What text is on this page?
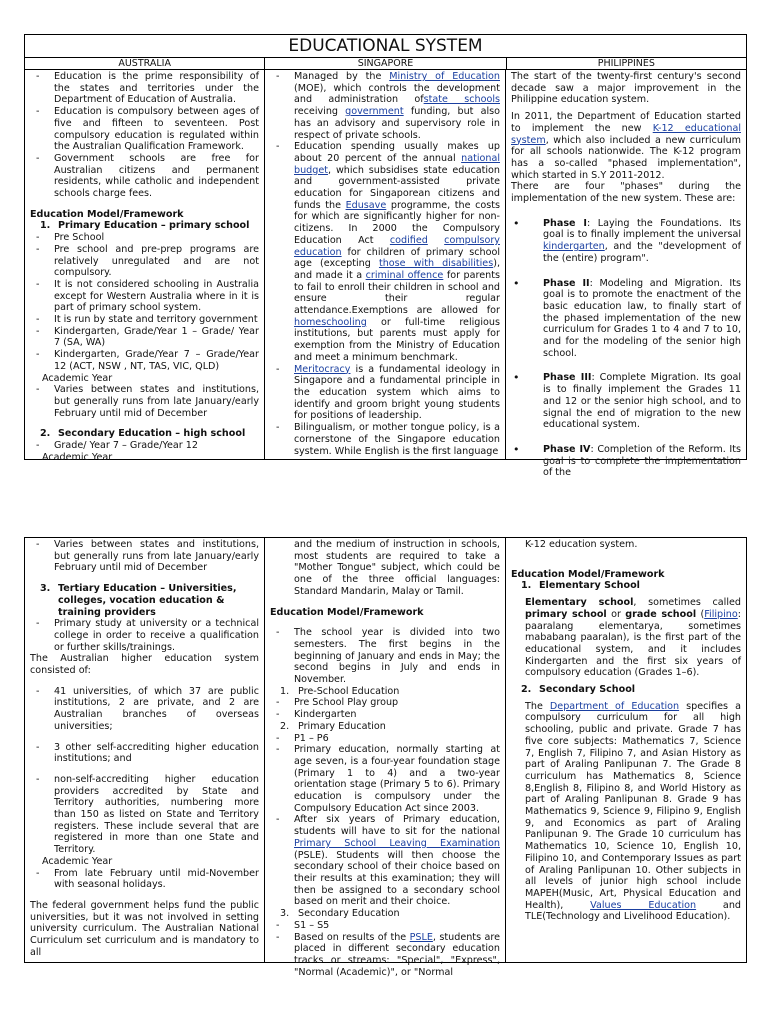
EDUCATIONAL SYSTEM
AUSTRALIA	SINGAPORE	PHILIPPINES
- Education is the prime responsibility of the states and territories under the Department of Education of Australia.
- Education is compulsory between ages of five and fifteen to seventeen. Post compulsory education is regulated within the Australian Qualification Framework.
- Government schools are free for Australian citizens and permanent residents, while catholic and independent schools charge fees.

Education Model/Framework

1. Primary Education – primary school

- Pre School
- Pre school and pre-prep programs are relatively unregulated and are not compulsory.
- It is not considered schooling in Australia except for Western Australia where in it is part of primary school system.
- It is run by state and territory government
- Kindergarten, Grade/Year 1 – Grade/ Year 7 (SA, WA)
- Kindergarten, Grade/Year 7 – Grade/Year 12 (ACT, NSW , NT, TAS, VIC, QLD)

Academic Year

- Varies between states and institutions, but generally runs from late January/early February until mid of December

2. Secondary Education – high school

- Grade/ Year 7 – Grade/Year 12

Academic Year

- Managed by the Ministry of Education (MOE), which controls the development and administration ofstate schools receiving government funding, but also has an advisory and supervisory role in respect of private schools.
- Education spending usually makes up about 20 percent of the annual national budget, which subsidises state education and government-assisted private education for Singaporean citizens and funds the Edusave programme, the costs for which are significantly higher for non-citizens. In 2000 the Compulsory Education Act codified compulsory education for children of primary school age (excepting those with disabilities), and made it a criminal offence for parents to fail to enroll their children in school and ensure their regular attendance.Exemptions are allowed for homeschooling or full-time religious institutions, but parents must apply for exemption from the Ministry of Education and meet a minimum benchmark.
- Meritocracy is a fundamental ideology in Singapore and a fundamental principle in the education system which aims to identify and groom bright young students for positions of leadership.
- Bilingualism, or mother tongue policy, is a cornerstone of the Singapore education system. While English is the first language

The start of the twenty-first century's second decade saw a major improvement in the Philippine education system.

In 2011, the Department of Education started to implement the new K-12 educational system, which also included a new curriculum for all schools nationwide. The K-12 program has a so-called "phased implementation", which started in S.Y 2011-2012.

There are four "phases" during the implementation of the new system. These are:

• Phase I: Laying the Foundations. Its goal is to finally implement the universal kindergarten, and the "development of the (entire) program".

• Phase II: Modeling and Migration. Its goal is to promote the enactment of the basic education law, to finally start of the phased implementation of the new curriculum for Grades 1 to 4 and 7 to 10, and for the modeling of the senior high school.

• Phase III: Complete Migration. Its goal is to finally implement the Grades 11 and 12 or the senior high school, and to signal the end of migration to the new educational system.

• Phase IV: Completion of the Reform. Its goal is to complete the implementation of the

- Varies between states and institutions, but generally runs from late January/early February until mid of December

3. Tertiary Education – Universities, colleges, vocation education & training providers

- Primary study at university or a technical college in order to receive a qualification or further skills/trainings.

The Australian higher education system consisted of:

- 41 universities, of which 37 are public institutions, 2 are private, and 2 are Australian branches of overseas universities;
- 3 other self-accrediting higher education institutions; and
- non-self-accrediting higher education providers accredited by State and Territory authorities, numbering more than 150 as listed on State and Territory registers. These include several that are registered in more than one State and Territory.

Academic Year

- From late February until mid-November with seasonal holidays.

The federal government helps fund the public universities, but it was not involved in setting university curriculum. The Australian National Curriculum set curriculum and is mandatory to all

and the medium of instruction in schools, most students are required to take a "Mother Tongue" subject, which could be one of the three official languages: Standard Mandarin, Malay or Tamil.

Education Model/Framework

- The school year is divided into two semesters. The first begins in the beginning of January and ends in May; the second begins in July and ends in November.

1. Pre-School Education

- Pre School Play group
- Kindergarten

2. Primary Education

- P1 – P6
- Primary education, normally starting at age seven, is a four-year foundation stage (Primary 1 to 4) and a two-year orientation stage (Primary 5 to 6). Primary education is compulsory under the Compulsory Education Act since 2003.
- After six years of Primary education, students will have to sit for the national Primary School Leaving Examination (PSLE). Students will then choose the secondary school of their choice based on their results at this examination; they will then be assigned to a secondary school based on merit and their choice.

3. Secondary Education

- S1 – S5
- Based on results of the PSLE, students are placed in different secondary education tracks or streams: "Special", "Express", "Normal (Academic)", or "Normal

K-12 education system.

Education Model/Framework

1. Elementary School

Elementary school, sometimes called primary school or grade school (Filipino: paaralang elementarya, sometimes mababang paaralan), is the first part of the educational system, and it includes Kindergarten and the first six years of compulsory education (Grades 1–6).

2. Secondary School

The Department of Education specifies a compulsory curriculum for all high schooling, public and private. Grade 7 has five core subjects: Mathematics 7, Science 7, English 7, Filipino 7, and Asian History as part of Araling Panlipunan 7. The Grade 8 curriculum has Mathematics 8, Science 8,English 8, Filipino 8, and World History as part of Araling Panlipunan 8. Grade 9 has Mathematics 9, Science 9, Filipino 9, English 9, and Economics as part of Araling Panlipunan 9. The Grade 10 curriculum has Mathematics 10, Science 10, English 10, Filipino 10, and Contemporary Issues as part of Araling Panlipunan 10. Other subjects in all levels of junior high school include MAPEH(Music, Art, Physical Education and Health), Values Education and TLE(Technology and Livelihood Education).
